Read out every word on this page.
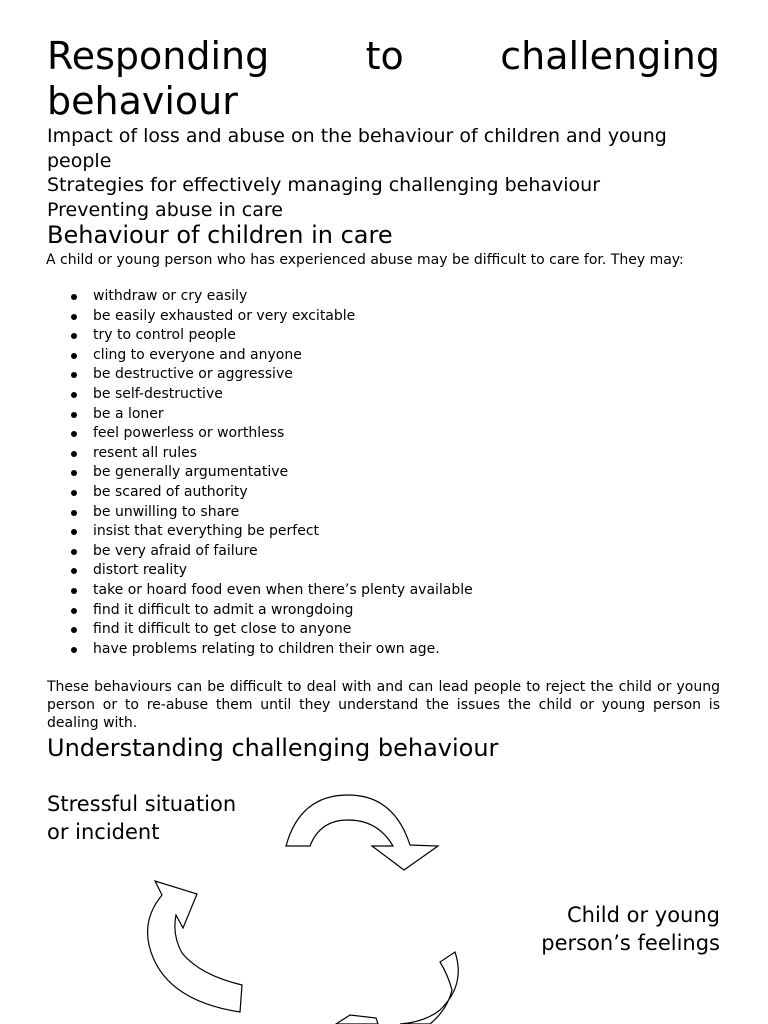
Responding	to	challenging
behaviour
Impact of loss and abuse on the behaviour of children and young people
Strategies for effectively managing challenging behaviour
Preventing abuse in care
Behaviour of children in care
A child or young person who has experienced abuse may be difficult to care for. They may:
withdraw or cry easily
be easily exhausted or very excitable
try to control people
cling to everyone and anyone
be destructive or aggressive
be self-destructive
be a loner
feel powerless or worthless
resent all rules
be generally argumentative
be scared of authority
be unwilling to share
insist that everything be perfect
be very afraid of failure
distort reality
take or hoard food even when there’s plenty available
find it difficult to admit a wrongdoing
find it difficult to get close to anyone
have problems relating to children their own age.
These behaviours can be difficult to deal with and can lead people to reject the child or young person or to re-abuse them until they understand the issues the child or young person is dealing with.
Understanding challenging behaviour
Stressful situation
or incident
Child or young
person’s feelings
